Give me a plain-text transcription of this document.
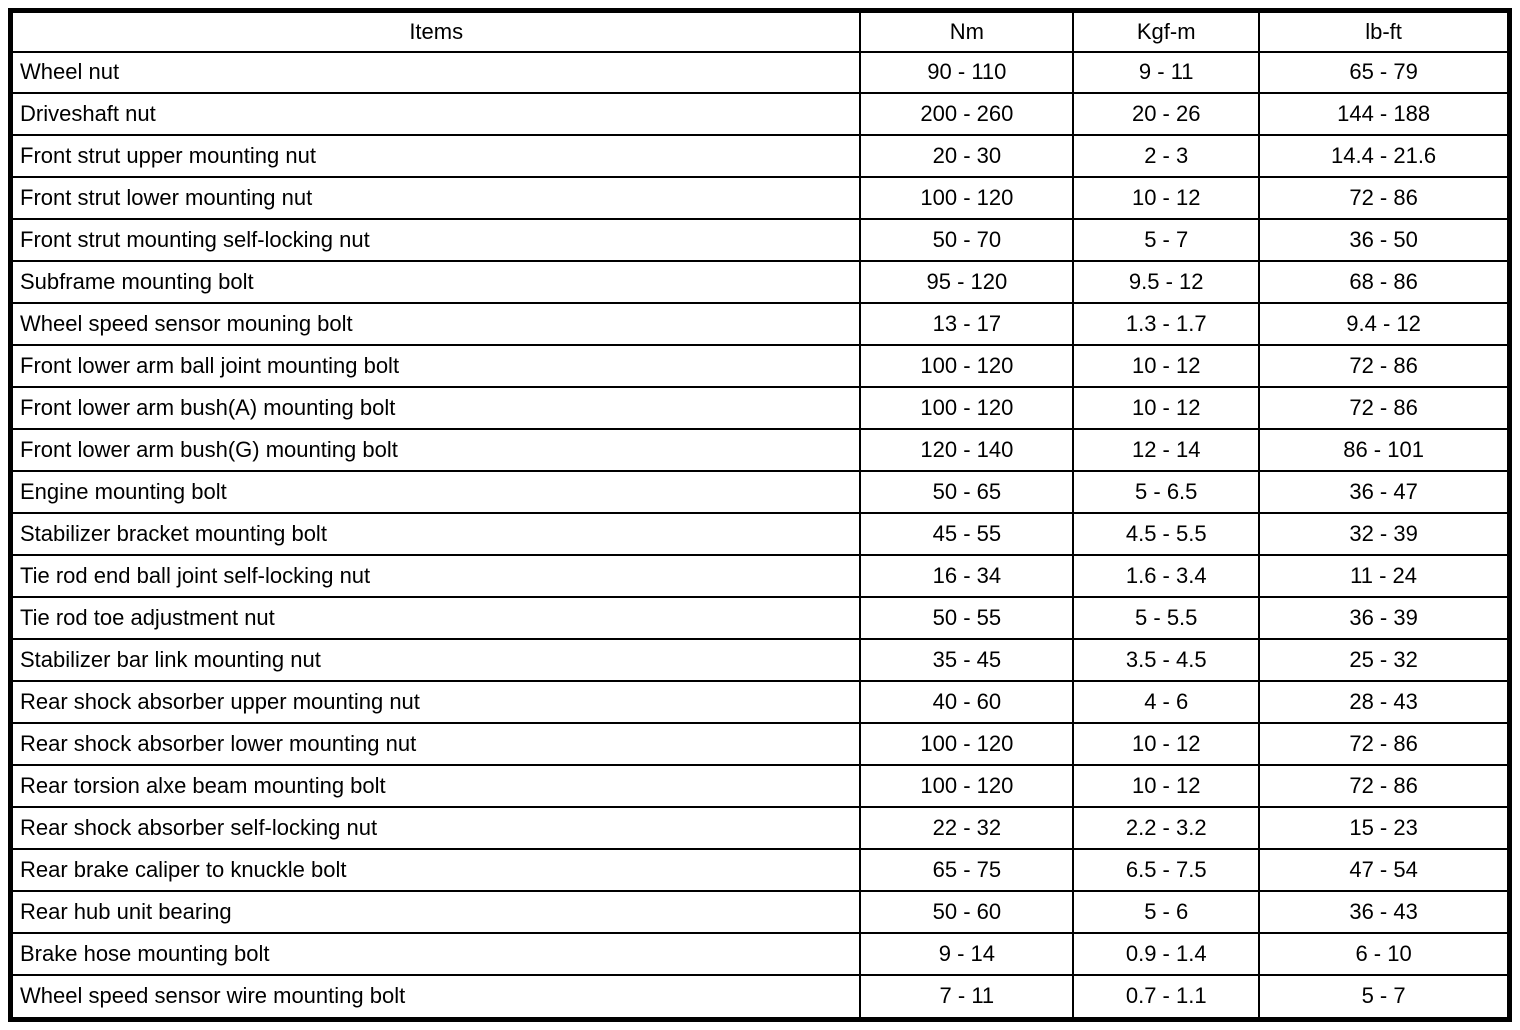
Items	Nm	Kgf-m	lb-ft
Wheel nut	90 - 110	9 - 11	65 - 79
Driveshaft nut	200 - 260	20 - 26	144 - 188
Front strut upper mounting nut	20 - 30	2 - 3	14.4 - 21.6
Front strut lower mounting nut	100 - 120	10 - 12	72 - 86
Front strut mounting self-locking nut	50 - 70	5 - 7	36 - 50
Subframe mounting bolt	95 - 120	9.5 - 12	68 - 86
Wheel speed sensor mouning bolt	13 - 17	1.3 - 1.7	9.4 - 12
Front lower arm ball joint mounting bolt	100 - 120	10 - 12	72 - 86
Front lower arm bush(A) mounting bolt	100 - 120	10 - 12	72 - 86
Front lower arm bush(G) mounting bolt	120 - 140	12 - 14	86 - 101
Engine mounting bolt	50 - 65	5 - 6.5	36 - 47
Stabilizer bracket mounting bolt	45 - 55	4.5 - 5.5	32 - 39
Tie rod end ball joint self-locking nut	16 - 34	1.6 - 3.4	11 - 24
Tie rod toe adjustment nut	50 - 55	5 - 5.5	36 - 39
Stabilizer bar link mounting nut	35 - 45	3.5 - 4.5	25 - 32
Rear shock absorber upper mounting nut	40 - 60	4 - 6	28 - 43
Rear shock absorber lower mounting nut	100 - 120	10 - 12	72 - 86
Rear torsion alxe beam mounting bolt	100 - 120	10 - 12	72 - 86
Rear shock absorber self-locking nut	22 - 32	2.2 - 3.2	15 - 23
Rear brake caliper to knuckle bolt	65 - 75	6.5 - 7.5	47 - 54
Rear hub unit bearing	50 - 60	5 - 6	36 - 43
Brake hose mounting bolt	9 - 14	0.9 - 1.4	6 - 10
Wheel speed sensor wire mounting bolt	7 - 11	0.7 - 1.1	5 - 7
